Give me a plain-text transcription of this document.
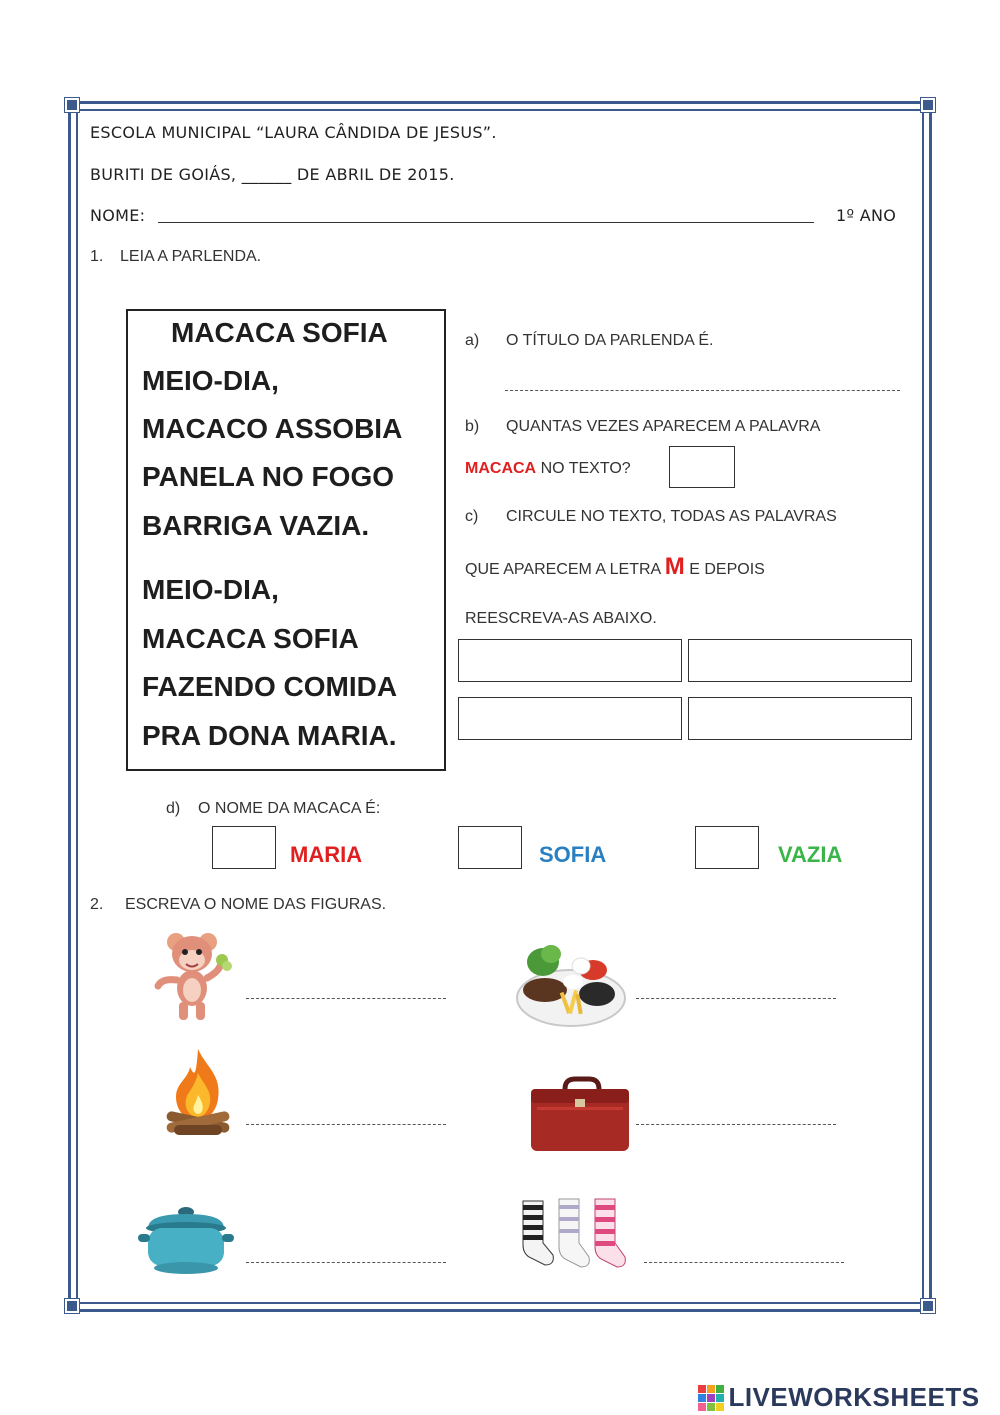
ESCOLA MUNICIPAL “LAURA CÂNDIDA DE JESUS”.
BURITI DE GOIÁS, ______ DE ABRIL DE 2015.
NOME:	1º ANO
1. LEIA A PARLENDA.
MACACA SOFIA
MEIO-DIA,
MACACO ASSOBIA
PANELA NO FOGO
BARRIGA VAZIA.
MEIO-DIA,
MACACA SOFIA
FAZENDO COMIDA
PRA DONA MARIA.
a) O TÍTULO DA PARLENDA É.
b) QUANTAS VEZES APARECEM A PALAVRA
MACACA NO TEXTO?
c) CIRCULE NO TEXTO, TODAS AS PALAVRAS
QUE APARECEM A LETRA M E DEPOIS
REESCREVA-AS ABAIXO.
d) O NOME DA MACACA É:
MARIA	SOFIA	VAZIA
2. ESCREVA O NOME DAS FIGURAS.
LIVEWORKSHEETS
